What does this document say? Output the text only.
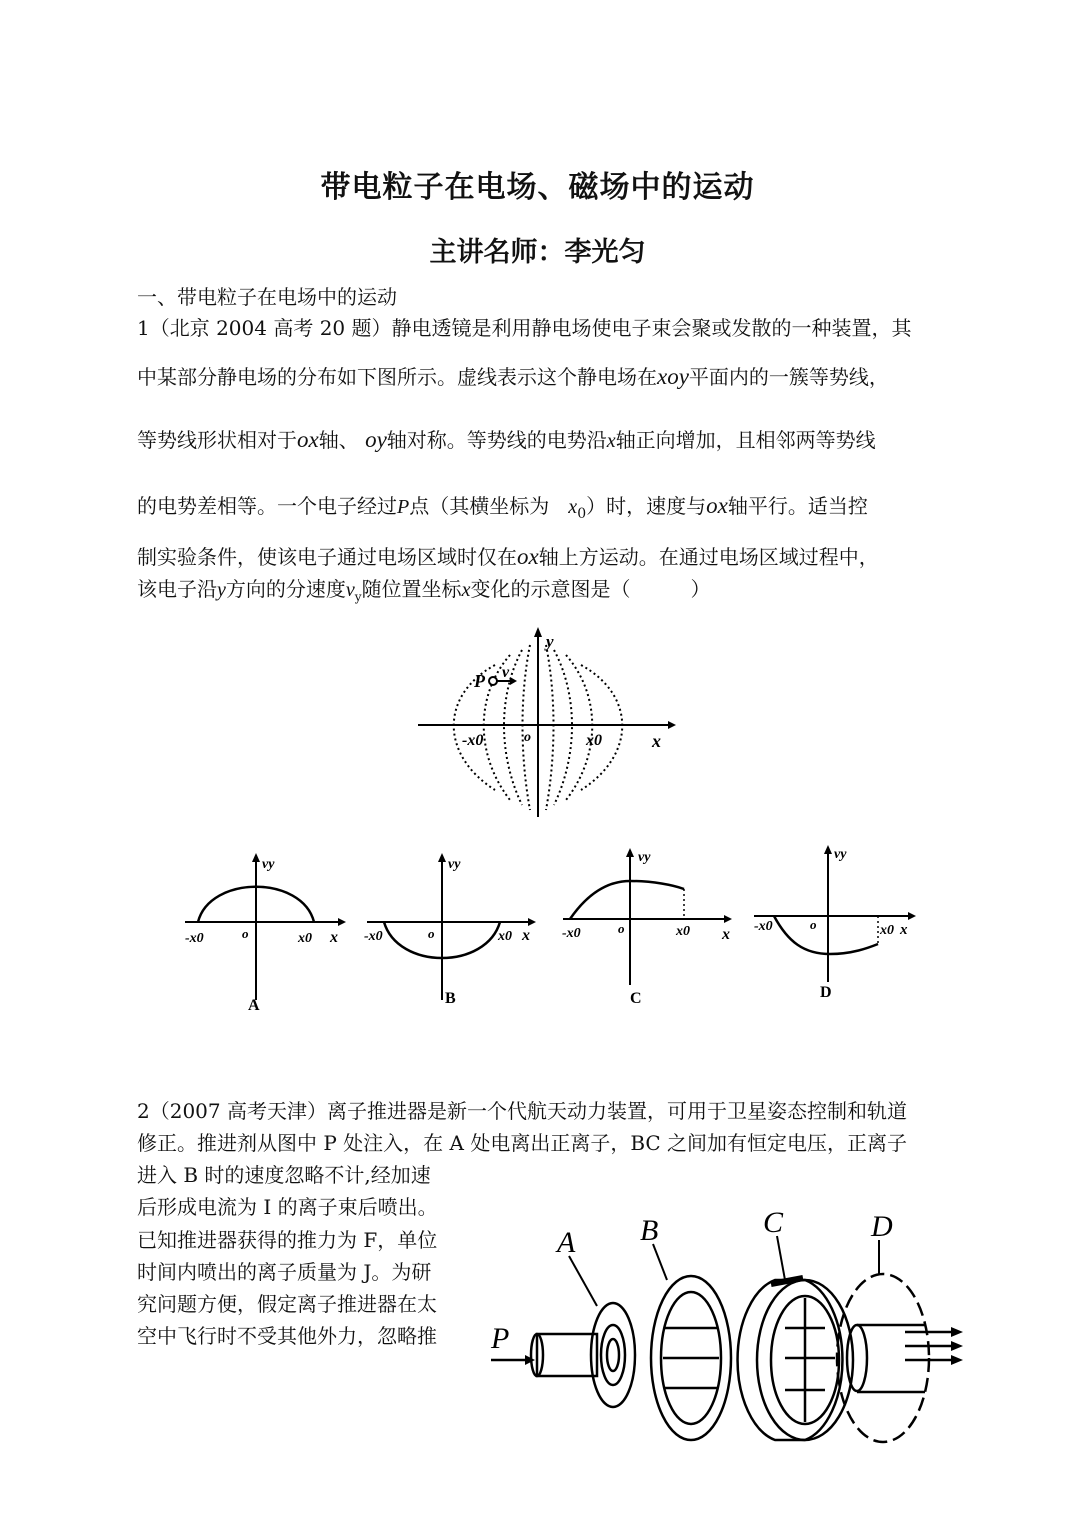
带电粒子在电场、磁场中的运动
主讲名师：李光匀
一、带电粒子在电场中的运动
1（北京 2004 高考 20 题）静电透镜是利用静电场使电子束会聚或发散的一种装置，其
中某部分静电场的分布如下图所示。虚线表示这个静电场在xoy平面内的一簇等势线，
等势线形状相对于ox轴、 oy轴对称。等势线的电势沿x轴正向增加，且相邻两等势线
的电势差相等。一个电子经过P点（其横坐标为 $x_0$）时，速度与ox轴平行。适当控
制实验条件，使该电子通过电场区域时仅在ox轴上方运动。在通过电场区域过程中，
该电子沿y方向的分速度$v_y$随位置坐标x变化的示意图是（　　　）
y
x
o
-x0	x0
P v
vy
-x0	o	x0 x
A
vy
-x0	o	x0 x
B
vy
-x0	o	x0 x
C
vy
-x0	o	x0 x
D
2（2007 高考天津）离子推进器是新一个代航天动力装置，可用于卫星姿态控制和轨道
修正。推进剂从图中 P 处注入，在 A 处电离出正离子，BC 之间加有恒定电压，正离子
进入 B 时的速度忽略不计,经加速
后形成电流为 I 的离子束后喷出。
已知推进器获得的推力为 F，单位
时间内喷出的离子质量为 J。为研
究问题方便，假定离子推进器在太
空中飞行时不受其他外力，忽略推 P
A B	C	D
